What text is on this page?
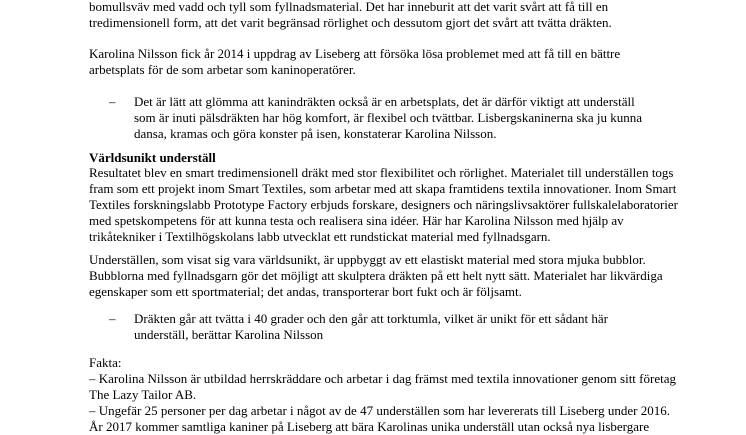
bomullsväv med vadd och tyll som fyllnadsmaterial. Det har inneburit att det varit svårt att få till en
tredimensionell form, att det varit begränsad rörlighet och dessutom gjort det svårt att tvätta dräkten.
Karolina Nilsson fick år 2014 i uppdrag av Liseberg att försöka lösa problemet med att få till en bättre
arbetsplats för de som arbetar som kaninoperatörer.
– Det är lätt att glömma att kanindräkten också är en arbetsplats, det är därför viktigt att underställ
som är inuti pälsdräkten har hög komfort, är flexibel och tvättbar. Lisbergskaninerna ska ju kunna
dansa, kramas och göra konster på isen, konstaterar Karolina Nilsson.
Världsunikt underställ
Resultatet blev en smart tredimensionell dräkt med stor flexibilitet och rörlighet. Materialet till underställen togs
fram som ett projekt inom Smart Textiles, som arbetar med att skapa framtidens textila innovationer. Inom Smart
Textiles forskningslabb Prototype Factory erbjuds forskare, designers och näringslivsaktörer fullskalelaboratorier
med spetskompetens för att kunna testa och realisera sina idéer. Här har Karolina Nilsson med hjälp av
trikåtekniker i Textilhögskolans labb utvecklat ett rundstickat material med fyllnadsgarn.
Underställen, som visat sig vara världsunikt, är uppbyggt av ett elastiskt material med stora mjuka bubblor.
Bubblorna med fyllnadsgarn gör det möjligt att skulptera dräkten på ett helt nytt sätt. Materialet har likvärdiga
egenskaper som ett sportmaterial; det andas, transporterar bort fukt och är följsamt.
– Dräkten går att tvätta i 40 grader och den går att torktumla, vilket är unikt för ett sådant här
underställ, berättar Karolina Nilsson
Fakta:
– Karolina Nilsson är utbildad herrskräddare och arbetar i dag främst med textila innovationer genom sitt företag
The Lazy Tailor AB.
– Ungefär 25 personer per dag arbetar i något av de 47 underställen som har levererats till Liseberg under 2016.
År 2017 kommer samtliga kaniner på Liseberg att bära Karolinas unika underställ utan också nya lisbergare
